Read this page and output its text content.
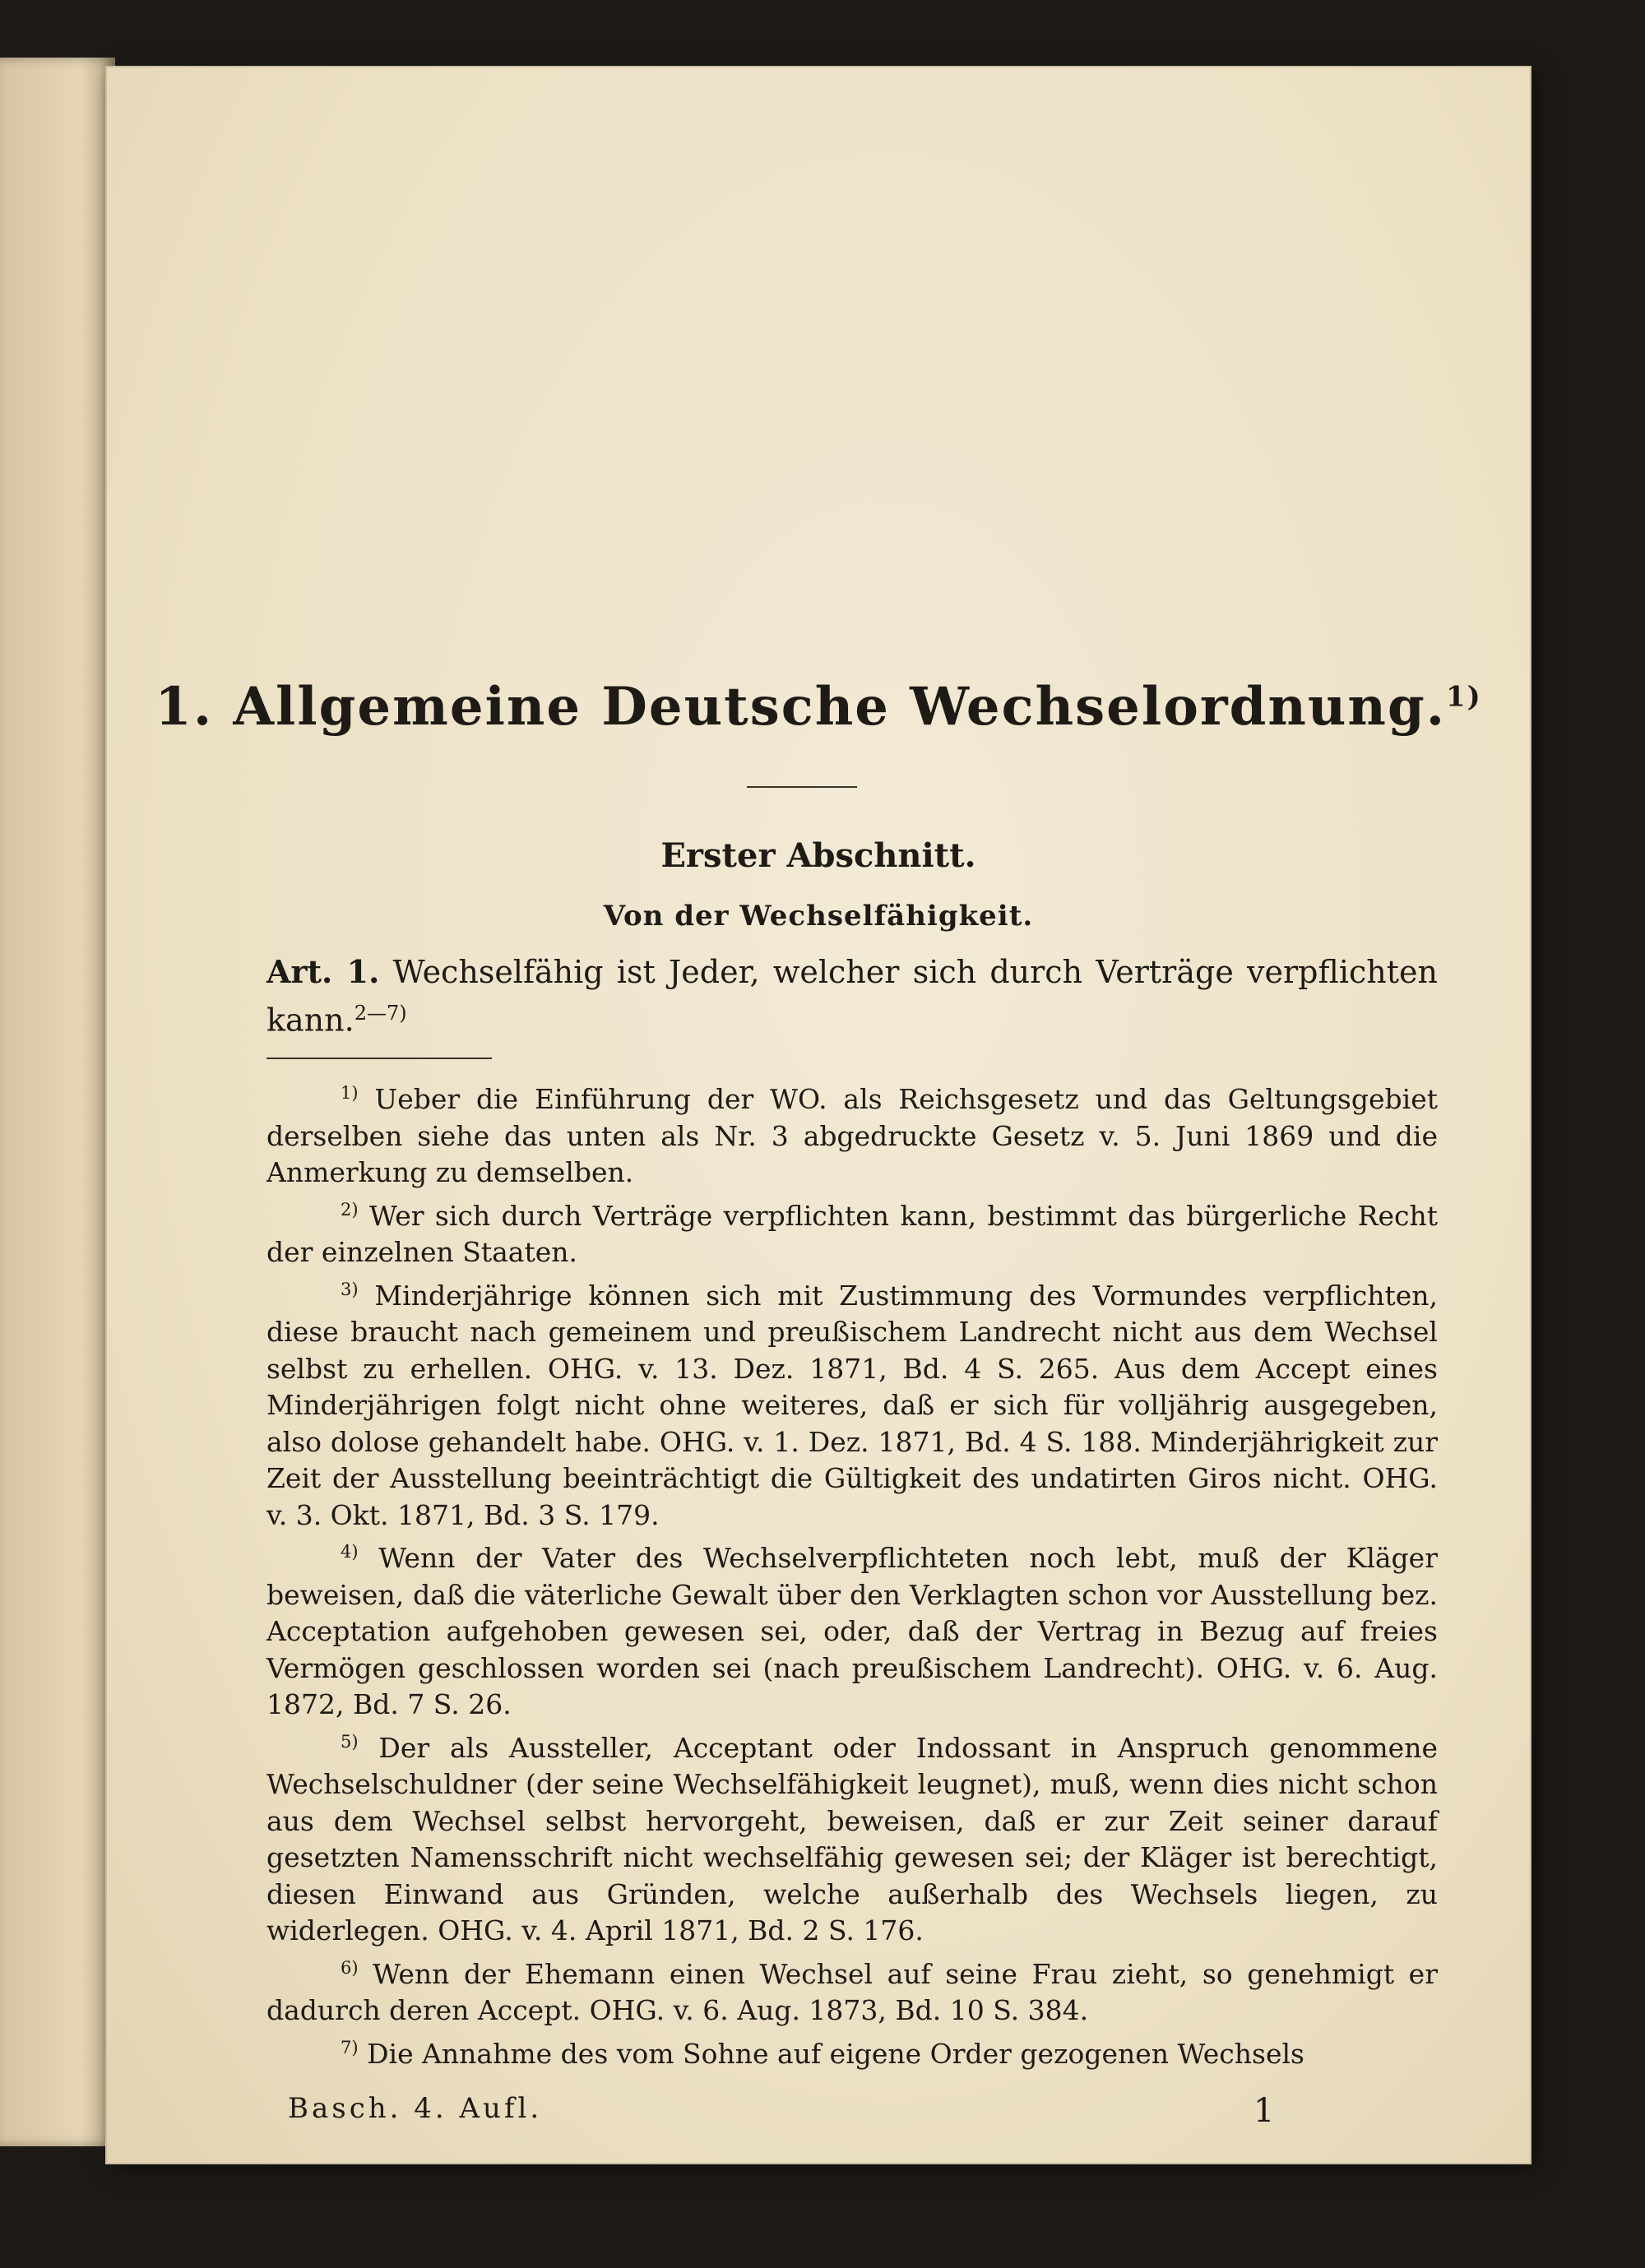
1. Allgemeine Deutsche Wechselordnung.$^{1)}$
Erster Abschnitt.
Von der Wechselfähigkeit.
Art. 1. Wechselfähig ist Jeder, welcher sich durch Verträge verpflichten kann.$^{2—7)}$

$^{1)}$ Ueber die Einführung der WO. als Reichsgesetz und das Geltungsgebiet derselben siehe das unten als Nr. 3 abgedruckte Gesetz v. 5. Juni 1869 und die Anmerkung zu demselben.

$^{2)}$ Wer sich durch Verträge verpflichten kann, bestimmt das bürgerliche Recht der einzelnen Staaten.

$^{3)}$ Minderjährige können sich mit Zustimmung des Vormundes verpflichten, diese braucht nach gemeinem und preußischem Landrecht nicht aus dem Wechsel selbst zu erhellen. OHG. v. 13. Dez. 1871, Bd. 4 S. 265. Aus dem Accept eines Minderjährigen folgt nicht ohne weiteres, daß er sich für volljährig ausgegeben, also dolose gehandelt habe. OHG. v. 1. Dez. 1871, Bd. 4 S. 188. Minderjährigkeit zur Zeit der Ausstellung beeinträchtigt die Gültigkeit des undatirten Giros nicht. OHG. v. 3. Okt. 1871, Bd. 3 S. 179.

$^{4)}$ Wenn der Vater des Wechselverpflichteten noch lebt, muß der Kläger beweisen, daß die väterliche Gewalt über den Verklagten schon vor Ausstellung bez. Acceptation aufgehoben gewesen sei, oder, daß der Vertrag in Bezug auf freies Vermögen geschlossen worden sei (nach preußischem Landrecht). OHG. v. 6. Aug. 1872, Bd. 7 S. 26.

$^{5)}$ Der als Aussteller, Acceptant oder Indossant in Anspruch genommene Wechselschuldner (der seine Wechselfähigkeit leugnet), muß, wenn dies nicht schon aus dem Wechsel selbst hervorgeht, beweisen, daß er zur Zeit seiner darauf gesetzten Namensschrift nicht wechselfähig gewesen sei; der Kläger ist berechtigt, diesen Einwand aus Gründen, welche außerhalb des Wechsels liegen, zu widerlegen. OHG. v. 4. April 1871, Bd. 2 S. 176.

$^{6)}$ Wenn der Ehemann einen Wechsel auf seine Frau zieht, so genehmigt er dadurch deren Accept. OHG. v. 6. Aug. 1873, Bd. 10 S. 384.

$^{7)}$ Die Annahme des vom Sohne auf eigene Order gezogenen Wechsels

Basch. 4. Aufl.	1
